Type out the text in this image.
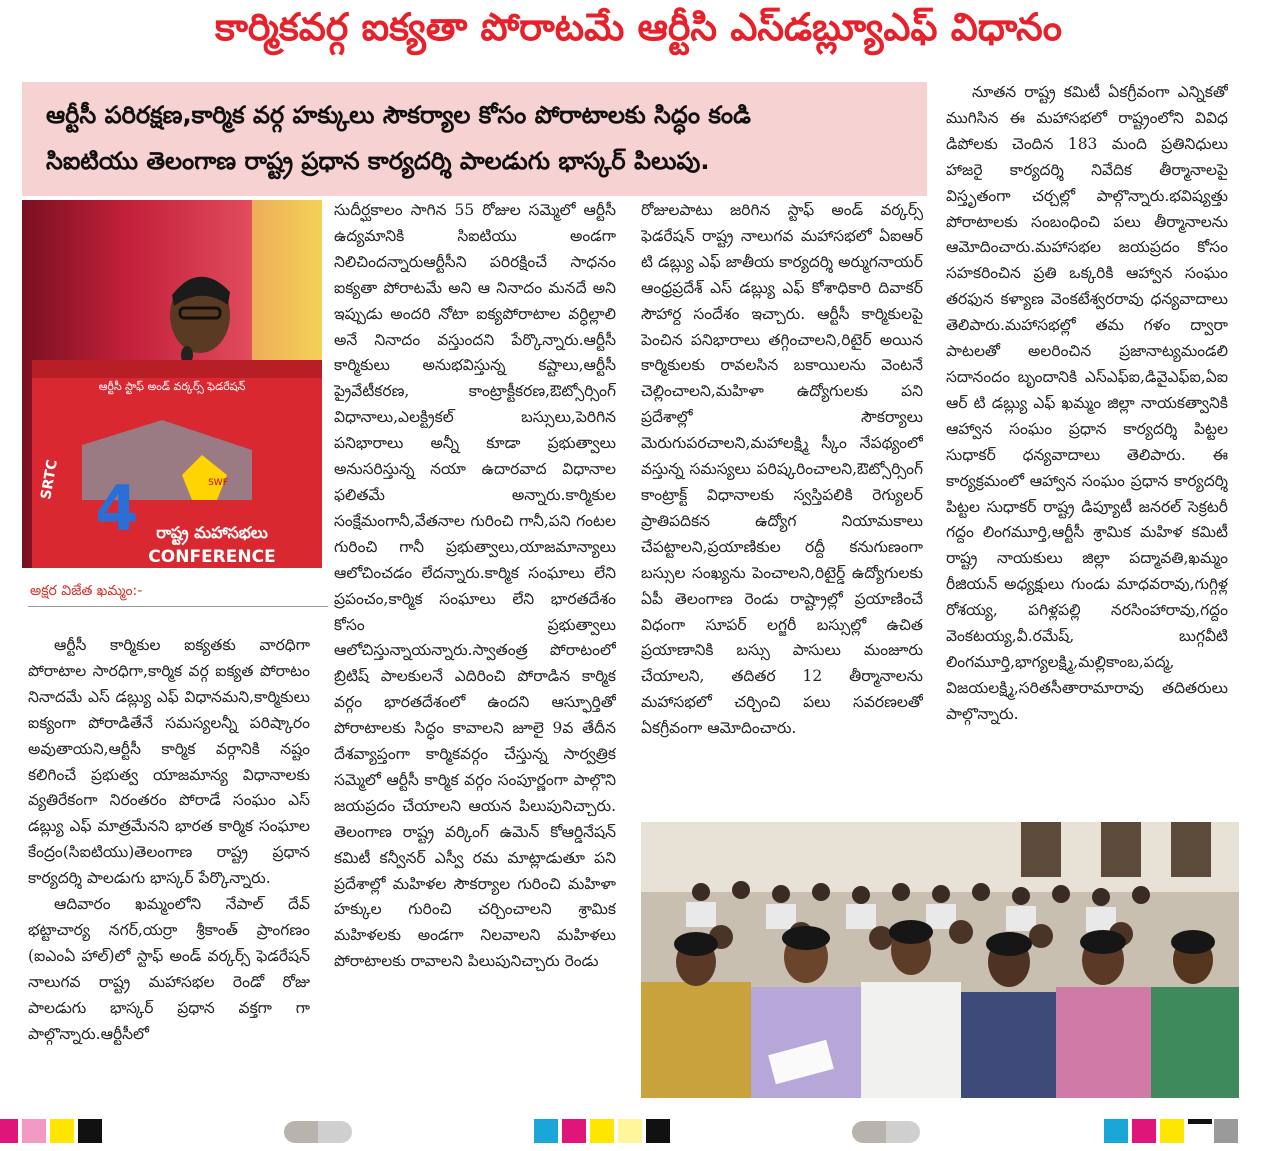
కార్మికవర్గ ఐక్యతా పోరాటమే ఆర్టీసి ఎస్‌డబ్ల్యూఎఫ్ విధానం

ఆర్టీసీ పరిరక్షణ,కార్మిక వర్గ హక్కులు సౌకర్యాల కోసం పోరాటాలకు సిద్ధం కండి

సిఐటియు తెలంగాణ రాష్ట్ర ప్రధాన కార్యదర్శి పాలడుగు భాస్కర్ పిలుపు.

SWF
ఆర్టీసీ స్టాఫ్ అండ్ వర్కర్స్ ఫెడరేషన్
4 రాష్ట్ర మహాసభలు
CONFERENCE
SRTC
అక్షర విజేత ఖమ్మం:-

ఆర్టీసీ కార్మికుల ఐక్యతకు వారధిగా పోరాటాల సారధిగా,కార్మిక వర్గ ఐక్యత పోరాటం నినాదమే ఎస్ డబ్ల్యు ఎఫ్ విధానమని,కార్మికులు ఐక్యంగా పోరాడితేనే సమస్యలన్నీ పరిష్కారం అవుతాయని,ఆర్టీసీ కార్మిక వర్గానికి నష్టం కలిగించే ప్రభుత్వ యాజమాన్య విధానాలకు వ్యతిరేకంగా నిరంతరం పోరాడే సంఘం ఎస్ డబ్ల్యు ఎఫ్ మాత్రమేనని భారత కార్మిక సంఘాల కేంద్రం(సిఐటియు)తెలంగాణ రాష్ట్ర ప్రధాన కార్యదర్శి పాలడుగు భాస్కర్ పేర్కొన్నారు.

ఆదివారం ఖమ్మంలోని నేపాల్ దేవ్ భట్టాచార్య నగర్,యర్రా శ్రీకాంత్ ప్రాంగణం (ఐఎంఏ హాల్)లో స్టాఫ్ అండ్ వర్కర్స్ ఫెడరేషన్ నాలుగవ రాష్ట్ర మహాసభల రెండో రోజు పాలడుగు భాస్కర్ ప్రధాన వక్తగా గా పాల్గొన్నారు.ఆర్టీసీలో

సుదీర్ఘకాలం సాగిన 55 రోజుల సమ్మెలో ఆర్టీసీ ఉద్యమానికి సిఐటియు అండగా నిలిచిందన్నారుఆర్టీసీని పరిరక్షించే సాధనం ఐక్యతా పోరాటమే అని ఆ నినాదం మనదే అని ఇప్పుడు అందరి నోటా ఐక్యపోరాటాల వర్ధిల్లాలి అనే నినాదం వస్తుందని పేర్కొన్నారు.ఆర్టీసీ కార్మికులు అనుభవిస్తున్న కష్టాలు,ఆర్టీసీ ప్రైవేటీకరణ, కాంట్రాక్టీకరణ,ఔట్సోర్సింగ్ విధానాలు,ఎలక్ట్రికల్ బస్సులు,పెరిగిన పనిభారాలు అన్నీ కూడా ప్రభుత్వాలు అనుసరిస్తున్న నయా ఉదారవాద విధానాల ఫలితమే అన్నారు.కార్మికుల సంక్షేమంగానీ,వేతనాల గురించి గానీ,పని గంటల గురించి గానీ ప్రభుత్వాలు,యాజమాన్యాలు ఆలోచించడం లేదన్నారు.కార్మిక సంఘాలు లేని ప్రపంచం,కార్మిక సంఘాలు లేని భారతదేశం కోసం ప్రభుత్వాలు ఆలోచిస్తున్నాయన్నారు.స్వాతంత్ర పోరాటంలో బ్రిటిష్ పాలకులనే ఎదిరించి పోరాడిన కార్మిక వర్గం భారతదేశంలో ఉందని ఆస్ఫూర్తితో పోరాటాలకు సిద్ధం కావాలని జూలై 9వ తేదీన దేశవ్యాప్తంగా కార్మికవర్గం చేస్తున్న సార్వత్రిక సమ్మెలో ఆర్టీసీ కార్మిక వర్గం సంపూర్ణంగా పాల్గొని జయప్రదం చేయాలని ఆయన పిలుపునిచ్చారు. తెలంగాణ రాష్ట్ర వర్కింగ్ ఉమెన్ కోఆర్డినేషన్ కమిటీ కన్వీనర్ ఎస్వీ రమ మాట్లాడుతూ పని ప్రదేశాల్లో మహిళల సౌకర్యాల గురించి మహిళా హక్కుల గురించి చర్చించాలని శ్రామిక మహిళలకు అండగా నిలవాలని మహిళలు పోరాటాలకు రావాలని పిలుపునిచ్చారు రెండు

రోజులపాటు జరిగిన స్టాఫ్ అండ్ వర్కర్స్ ఫెడరేషన్ రాష్ట్ర నాలుగవ మహాసభలో ఏఐఆర్ టి డబ్ల్యు ఎఫ్ జాతీయ కార్యదర్శి అర్ముగనాయర్ ఆంధ్రప్రదేశ్ ఎస్ డబ్ల్యు ఎఫ్ కోశాధికారి దివాకర్ సౌహార్ద సందేశం ఇచ్చారు. ఆర్టీసీ కార్మికులపై పెంచిన పనిభారాలు తగ్గించాలని,రిటైర్ అయిన కార్మికులకు రావలసిన బకాయిలను వెంటనే చెల్లించాలని,మహిళా ఉద్యోగులకు పని ప్రదేశాల్లో సౌకర్యాలు మెరుగుపరచాలని,మహాలక్ష్మి స్కీం నేపథ్యంలో వస్తున్న సమస్యలు పరిష్కరించాలని,ఔట్సోర్సింగ్ కాంట్రాక్ట్ విధానాలకు స్వస్తిపలికి రెగ్యులర్ ప్రాతిపదికన ఉద్యోగ నియామకాలు చేపట్టాలని,ప్రయాణికుల రద్దీ కనుగుణంగా బస్సుల సంఖ్యను పెంచాలని,రిటైర్డ్ ఉద్యోగులకు ఏపీ తెలంగాణ రెండు రాష్ట్రాల్లో ప్రయాణించే విధంగా సూపర్ లగ్జరీ బస్సుల్లో ఉచిత ప్రయాణానికి బస్సు పాసులు మంజూరు చేయాలని, తదితర 12 తీర్మానాలను మహాసభలో చర్చించి పలు సవరణలతో ఏకగ్రీవంగా ఆమోదించారు.

నూతన రాష్ట్ర కమిటీ ఏకగ్రీవంగా ఎన్నికతో ముగిసిన ఈ మహాసభలో రాష్ట్రంలోని వివిధ డిపోలకు చెందిన 183 మంది ప్రతినిధులు హాజరై కార్యదర్శి నివేదిక తీర్మానాలపై విస్తృతంగా చర్చల్లో పాల్గొన్నారు.భవిష్యత్తు పోరాటాలకు సంబంధించి పలు తీర్మానాలను ఆమోదించారు.మహాసభల జయప్రదం కోసం సహకరించిన ప్రతి ఒక్కరికి ఆహ్వాన సంఘం తరఫున కళ్యాణ వెంకటేశ్వరరావు ధన్యవాదాలు తెలిపారు.మహాసభల్లో తమ గళం ద్వారా పాటలతో అలరించిన ప్రజానాట్యమండలి సదానందం బృందానికి ఎస్ఎఫ్ఐ,డివైఎఫ్ఐ,ఏఐ ఆర్ టి డబ్ల్యు ఎఫ్ ఖమ్మం జిల్లా నాయకత్వానికి ఆహ్వాన సంఘం ప్రధాన కార్యదర్శి పిట్టల సుధాకర్ ధన్యవాదాలు తెలిపారు. ఈ కార్యక్రమంలో ఆహ్వాన సంఘం ప్రధాన కార్యదర్శి పిట్టల సుధాకర్ రాష్ట్ర డిప్యూటీ జనరల్ సెక్రటరీ గద్దం లింగమూర్తి,ఆర్టీసీ శ్రామిక మహిళ కమిటీ రాష్ట్ర నాయకులు జిల్లా పద్మావతి,ఖమ్మం రీజియన్ అధ్యక్షులు గుండు మాధవరావు,గుగ్గిళ్ల రోశయ్య, పగిళ్లపల్లి నరసింహారావు,గద్దం వెంకటయ్య,వీ.రమేష్, బుగ్గవీటి లింగమూర్తి,భాగ్యలక్ష్మి,మల్లికాంబ,పద్మ, విజయలక్ష్మి,సరితసీతారామారావు తదితరులు పాల్గొన్నారు.
